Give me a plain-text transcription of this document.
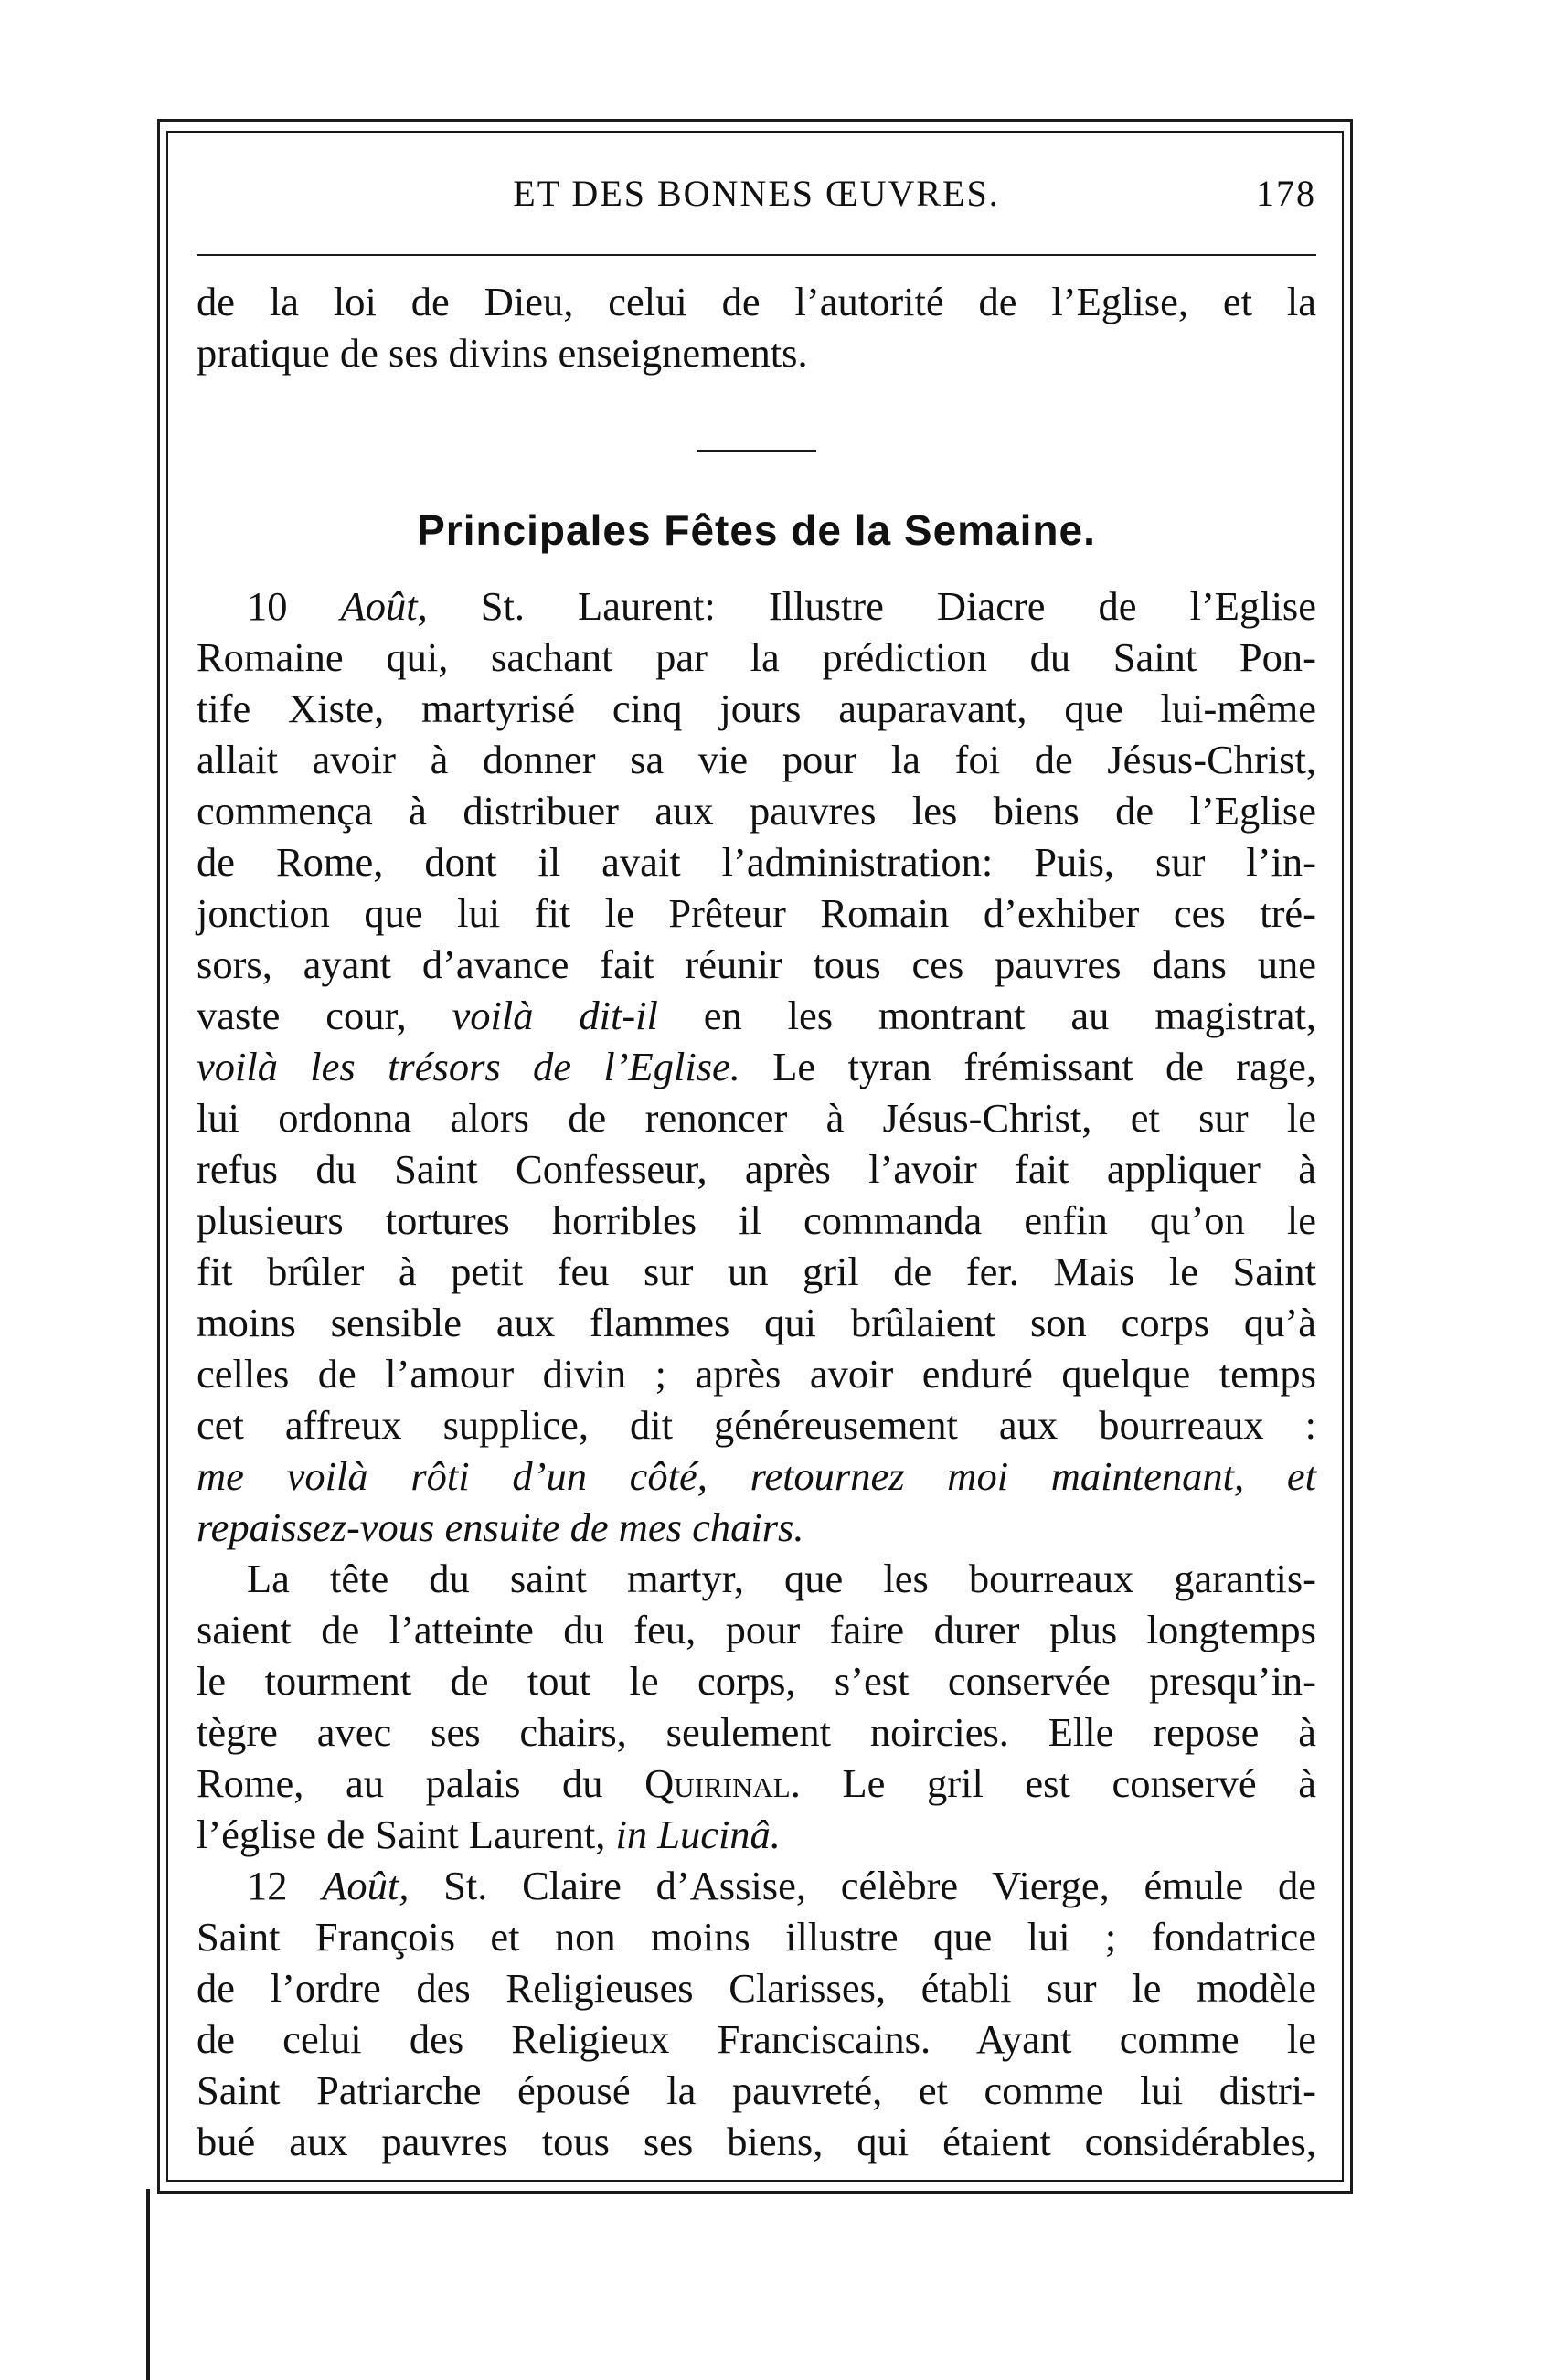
ET DES BONNES ŒUVRES.	178

de la loi de Dieu, celui de l’autorité de l’Eglise, et la
pratique de ses divins enseignements.

Principales Fêtes de la Semaine.

10 Août, St. Laurent: Illustre Diacre de l’Eglise
Romaine qui, sachant par la prédiction du Saint Pon-
tife Xiste, martyrisé cinq jours auparavant, que lui-même
allait avoir à donner sa vie pour la foi de Jésus-Christ,
commença à distribuer aux pauvres les biens de l’Eglise
de Rome, dont il avait l’administration: Puis, sur l’in-
jonction que lui fit le Prêteur Romain d’exhiber ces tré-
sors, ayant d’avance fait réunir tous ces pauvres dans une
vaste cour, voilà dit-il en les montrant au magistrat,
voilà les trésors de l’Eglise. Le tyran frémissant de rage,
lui ordonna alors de renoncer à Jésus-Christ, et sur le
refus du Saint Confesseur, après l’avoir fait appliquer à
plusieurs tortures horribles il commanda enfin qu’on le
fit brûler à petit feu sur un gril de fer. Mais le Saint
moins sensible aux flammes qui brûlaient son corps qu’à
celles de l’amour divin ; après avoir enduré quelque temps
cet affreux supplice, dit généreusement aux bourreaux :
me voilà rôti d’un côté, retournez moi maintenant, et
repaissez-vous ensuite de mes chairs.

La tête du saint martyr, que les bourreaux garantis-
saient de l’atteinte du feu, pour faire durer plus longtemps
le tourment de tout le corps, s’est conservée presqu’in-
tègre avec ses chairs, seulement noircies. Elle repose à
Rome, au palais du Quirinal. Le gril est conservé à
l’église de Saint Laurent, in Lucinâ.

12 Août, St. Claire d’Assise, célèbre Vierge, émule de
Saint François et non moins illustre que lui ; fondatrice
de l’ordre des Religieuses Clarisses, établi sur le modèle
de celui des Religieux Franciscains. Ayant comme le
Saint Patriarche épousé la pauvreté, et comme lui distri-
bué aux pauvres tous ses biens, qui étaient considérables,
